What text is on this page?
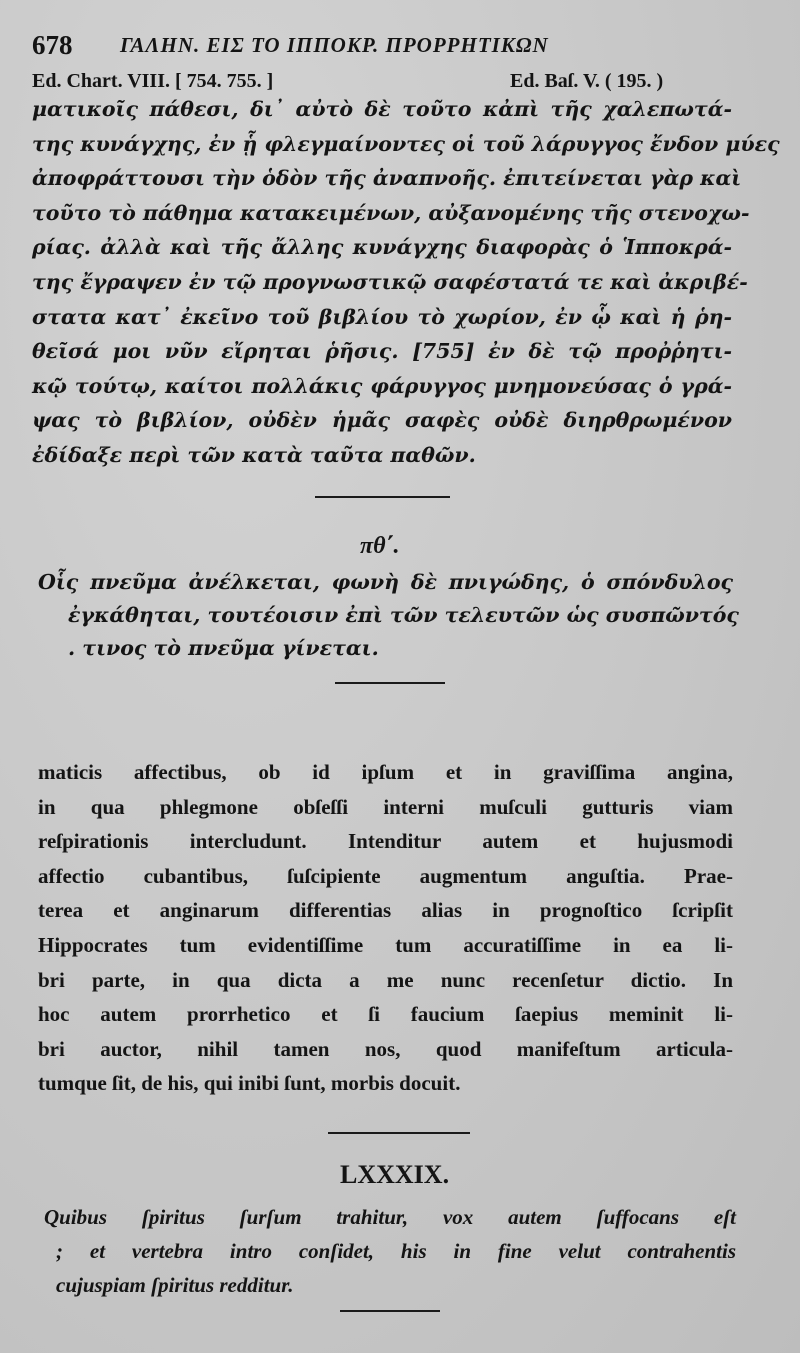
678 ΓΑΛΗΝ. ΕΙΣ ΤΟ ΙΠΠΟΚΡ. ΠΡΟΡΡΗΤΙΚΩΝ
Ed. Chart. VIII. [ 754. 755. ]	Ed. Baſ. V. ( 195. )
ματικοῖς πάθεσι, δι᾽ αὐτὸ δὲ τοῦτο κἀπὶ τῆς χαλεπωτά-
της κυνάγχης, ἐν ᾗ φλεγμαίνοντες οἱ τοῦ λάρυγγος ἔνδον μύες
ἀποφράττουσι τὴν ὁδὸν τῆς ἀναπνοῆς. ἐπιτείνεται γὰρ καὶ
τοῦτο τὸ πάθημα κατακειμένων, αὐξανομένης τῆς στενοχω-
ρίας. ἀλλὰ καὶ τῆς ἄλλης κυνάγχης διαφορὰς ὁ Ἱπποκρά-
της ἔγραψεν ἐν τῷ προγνωστικῷ σαφέστατά τε καὶ ἀκριβέ-
στατα κατ᾽ ἐκεῖνο τοῦ βιβλίου τὸ χωρίον, ἐν ᾧ καὶ ἡ ῥη-
θεῖσά μοι νῦν εἴρηται ῥῆσις. [755] ἐν δὲ τῷ προῤῥητι-
κῷ τούτῳ, καίτοι πολλάκις φάρυγγος μνημονεύσας ὁ γρά-
ψας τὸ βιβλίον, οὐδὲν ἡμᾶς σαφὲς οὐδὲ διηρθρωμένον
ἐδίδαξε περὶ τῶν κατὰ ταῦτα παθῶν.
πθ΄.
Οἷς πνεῦμα ἀνέλκεται, φωνὴ δὲ πνιγώδης, ὁ σπόνδυλος
ἐγκάθηται, τουτέοισιν ἐπὶ τῶν τελευτῶν ὡς συσπῶντός
. τινος τὸ πνεῦμα γίνεται.
maticis affectibus, ob id ipſum et in graviſſima angina,
in qua phlegmone obſeſſi interni muſculi gutturis viam
reſpirationis intercludunt. Intenditur autem et hujusmodi
affectio cubantibus, ſuſcipiente augmentum anguſtia. Prae-
terea et anginarum differentias alias in prognoſtico ſcripſit
Hippocrates tum evidentiſſime tum accuratiſſime in ea li-
bri parte, in qua dicta a me nunc recenſetur dictio. In
hoc autem prorrhetico et ſi faucium ſaepius meminit li-
bri auctor, nihil tamen nos, quod manifeſtum articula-
tumque ſit, de his, qui inibi ſunt, morbis docuit.
LXXXIX.
Quibus ſpiritus ſurſum trahitur, vox autem ſuffocans eſt
; et vertebra intro conſidet, his in fine velut contrahentis
cujuspiam ſpiritus redditur.
